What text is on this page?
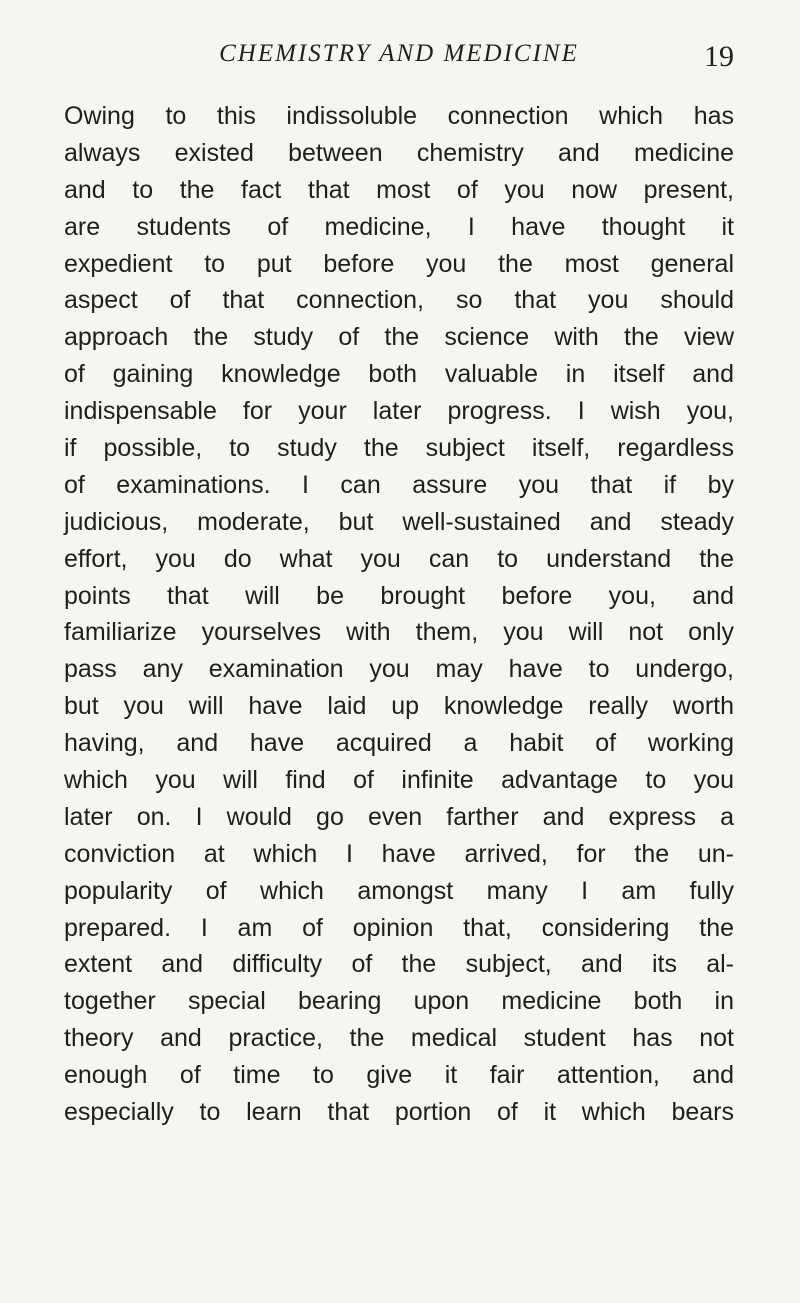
CHEMISTRY AND MEDICINE	19
Owing to this indissoluble connection which has
always existed between chemistry and medicine
and to the fact that most of you now present,
are students of medicine, I have thought it
expedient to put before you the most general
aspect of that connection, so that you should
approach the study of the science with the view
of gaining knowledge both valuable in itself and
indispensable for your later progress. I wish you,
if possible, to study the subject itself, regardless
of examinations. I can assure you that if by
judicious, moderate, but well-sustained and steady
effort, you do what you can to understand the
points that will be brought before you, and
familiarize yourselves with them, you will not only
pass any examination you may have to undergo,
but you will have laid up knowledge really worth
having, and have acquired a habit of working
which you will find of infinite advantage to you
later on. I would go even farther and express a
conviction at which I have arrived, for the un-
popularity of which amongst many I am fully
prepared. I am of opinion that, considering the
extent and difficulty of the subject, and its al-
together special bearing upon medicine both in
theory and practice, the medical student has not
enough of time to give it fair attention, and
especially to learn that portion of it which bears
